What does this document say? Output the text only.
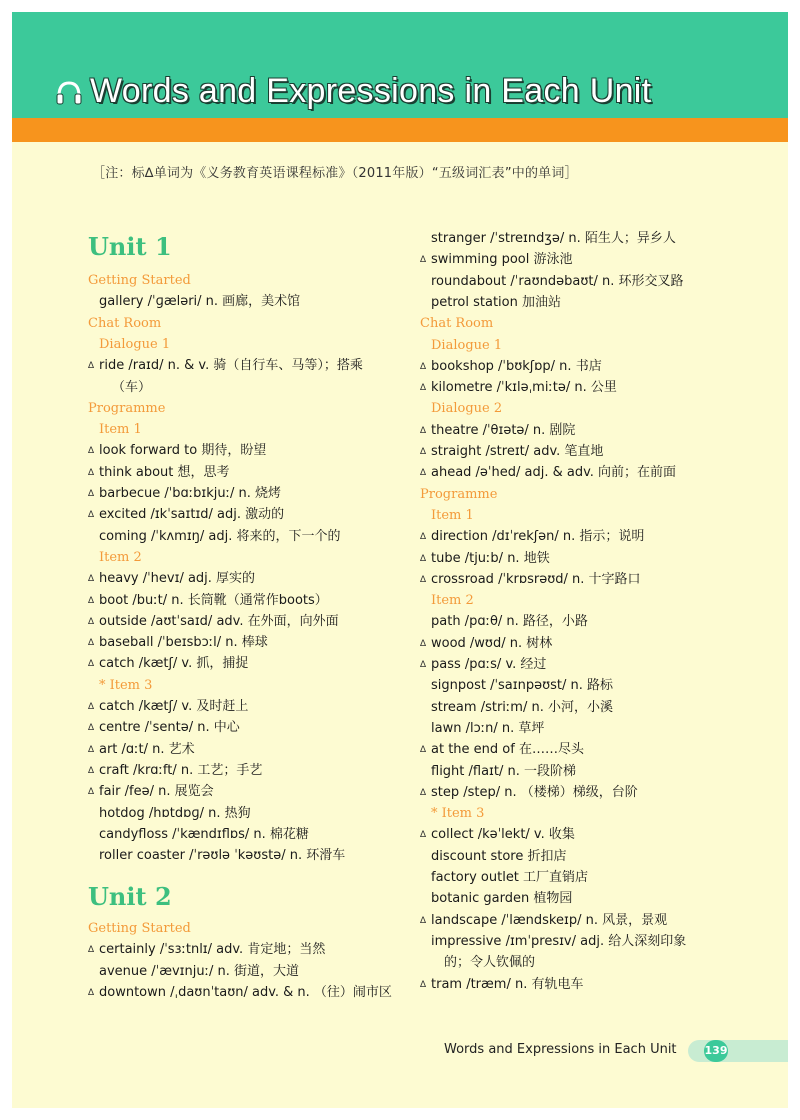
Words and Expressions in Each Unit
［注：标∆单词为《义务教育英语课程标准》（2011年版）“五级词汇表”中的单词］
Unit 1
Getting Started
gallery /ˈɡæləri/ n. 画廊，美术馆
Chat Room
Dialogue 1
∆ ride /raɪd/ n. & v. 骑（自行车、马等）；搭乘
（车）
Programme
Item 1
∆ look forward to 期待，盼望
∆ think about 想，思考
∆ barbecue /ˈbɑːbɪkjuː/ n. 烧烤
∆ excited /ɪkˈsaɪtɪd/ adj. 激动的
coming /ˈkʌmɪŋ/ adj. 将来的，下一个的
Item 2
∆ heavy /ˈhevɪ/ adj. 厚实的
∆ boot /buːt/ n. 长筒靴（通常作boots）
∆ outside /aʊtˈsaɪd/ adv. 在外面，向外面
∆ baseball /ˈbeɪsbɔːl/ n. 棒球
∆ catch /kætʃ/ v. 抓，捕捉
* Item 3
∆ catch /kætʃ/ v. 及时赶上
∆ centre /ˈsentə/ n. 中心
∆ art /ɑːt/ n. 艺术
∆ craft /krɑːft/ n. 工艺；手艺
∆ fair /feə/ n. 展览会
hotdog /hɒtdɒɡ/ n. 热狗
candyfloss /ˈkændɪflɒs/ n. 棉花糖
roller coaster /ˈrəʊlə ˈkəʊstə/ n. 环滑车
Unit 2
Getting Started
∆ certainly /ˈsɜːtnlɪ/ adv. 肯定地；当然
avenue /ˈævɪnjuː/ n. 街道，大道
∆ downtown /ˌdaʊnˈtaʊn/ adv. & n. （往）闹市区
stranger /ˈstreɪndʒə/ n. 陌生人；异乡人
∆ swimming pool 游泳池
roundabout /ˈraʊndəbaʊt/ n. 环形交叉路
petrol station 加油站
Chat Room
Dialogue 1
∆ bookshop /ˈbʊkʃɒp/ n. 书店
∆ kilometre /ˈkɪləˌmiːtə/ n. 公里
Dialogue 2
∆ theatre /ˈθɪətə/ n. 剧院
∆ straight /streɪt/ adv. 笔直地
∆ ahead /əˈhed/ adj. & adv. 向前；在前面
Programme
Item 1
∆ direction /dɪˈrekʃən/ n. 指示；说明
∆ tube /tjuːb/ n. 地铁
∆ crossroad /ˈkrɒsrəʊd/ n. 十字路口
Item 2
path /pɑːθ/ n. 路径，小路
∆ wood /wʊd/ n. 树林
∆ pass /pɑːs/ v. 经过
signpost /ˈsaɪnpəʊst/ n. 路标
stream /striːm/ n. 小河，小溪
lawn /lɔːn/ n. 草坪
∆ at the end of 在……尽头
flight /flaɪt/ n. 一段阶梯
∆ step /step/ n. （楼梯）梯级，台阶
* Item 3
∆ collect /kəˈlekt/ v. 收集
discount store 折扣店
factory outlet 工厂直销店
botanic garden 植物园
∆ landscape /ˈlændskeɪp/ n. 风景，景观
impressive /ɪmˈpresɪv/ adj. 给人深刻印象
的；令人钦佩的
∆ tram /træm/ n. 有轨电车
Words and Expressions in Each Unit	139
